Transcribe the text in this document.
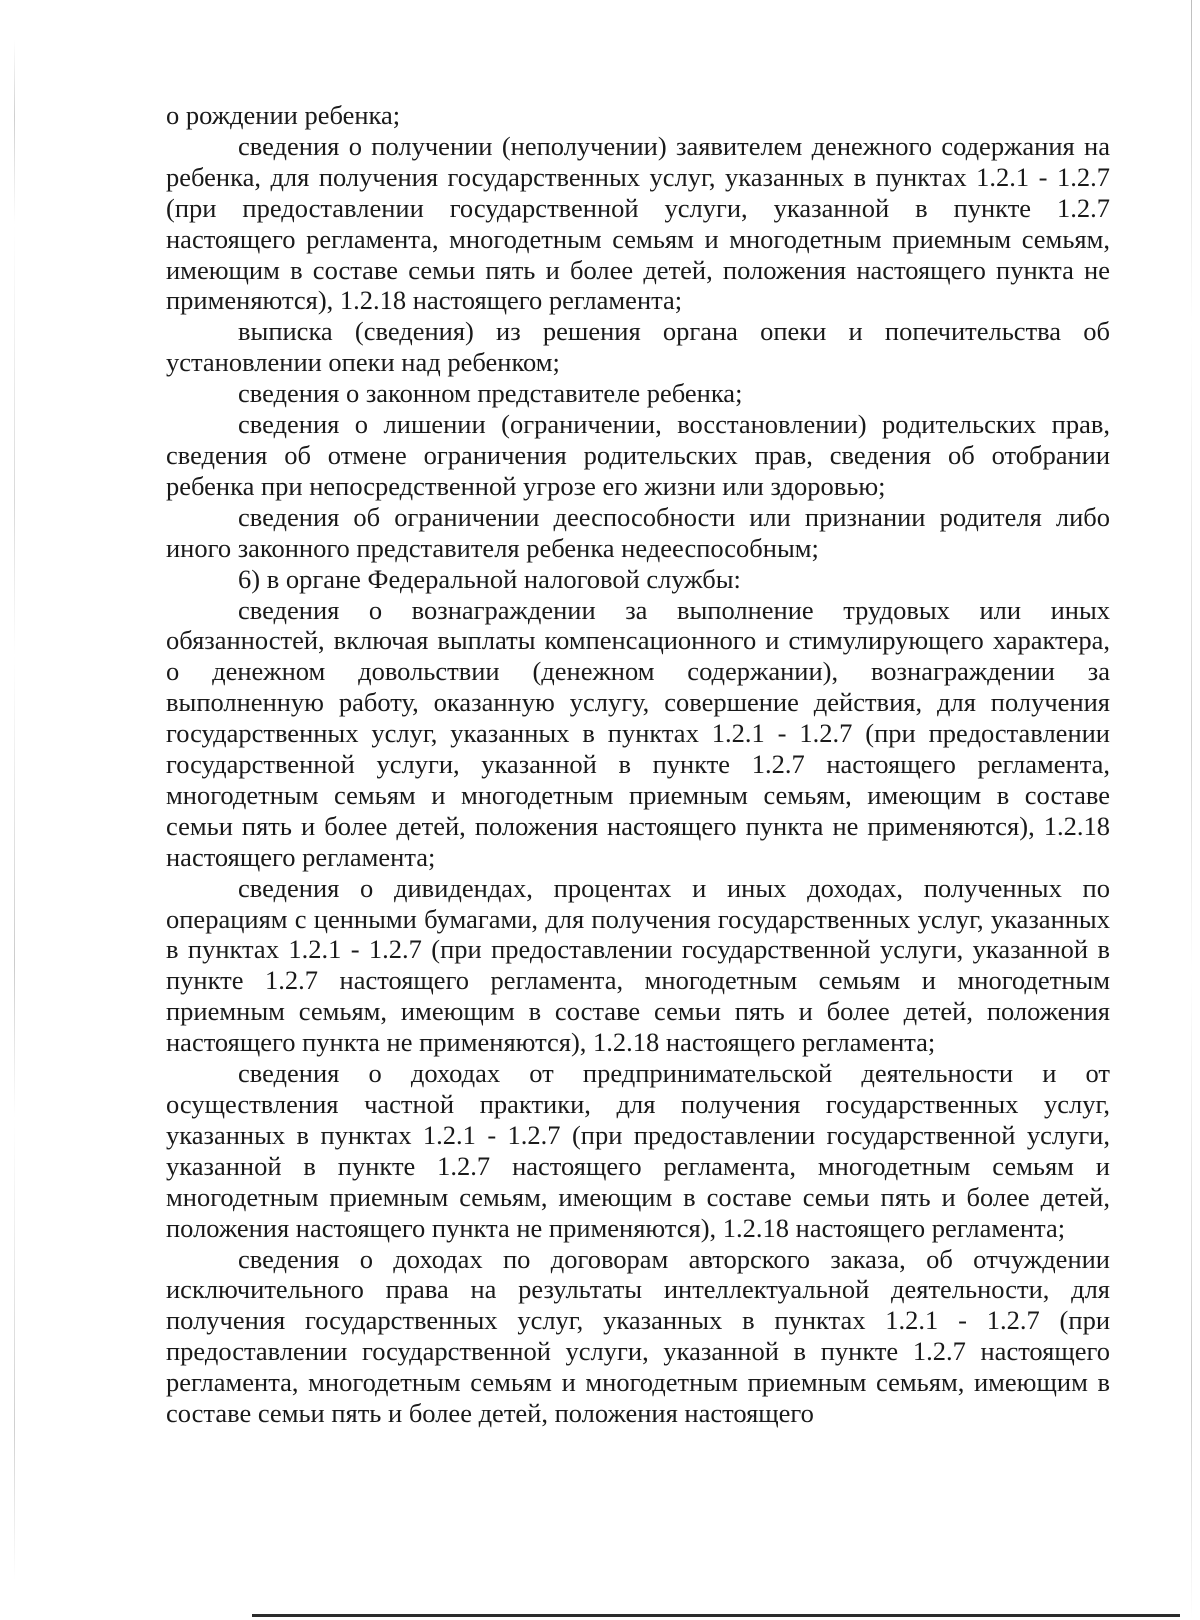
о рождении ребенка;

сведения о получении (неполучении) заявителем денежного содержания на ребенка, для получения государственных услуг, указанных в пунктах 1.2.1 - 1.2.7 (при предоставлении государственной услуги, указанной в пункте 1.2.7 настоящего регламента, многодетным семьям и многодетным приемным семьям, имеющим в составе семьи пять и более детей, положения настоящего пункта не применяются), 1.2.18 настоящего регламента;

выписка (сведения) из решения органа опеки и попечительства об установлении опеки над ребенком;

сведения о законном представителе ребенка;

сведения о лишении (ограничении, восстановлении) родительских прав, сведения об отмене ограничения родительских прав, сведения об отобрании ребенка при непосредственной угрозе его жизни или здоровью;

сведения об ограничении дееспособности или признании родителя либо иного законного представителя ребенка недееспособным;

6) в органе Федеральной налоговой службы:

сведения о вознаграждении за выполнение трудовых или иных обязанностей, включая выплаты компенсационного и стимулирующего характера, о денежном довольствии (денежном содержании), вознаграждении за выполненную работу, оказанную услугу, совершение действия, для получения государственных услуг, указанных в пунктах 1.2.1 - 1.2.7 (при предоставлении государственной услуги, указанной в пункте 1.2.7 настоящего регламента, многодетным семьям и многодетным приемным семьям, имеющим в составе семьи пять и более детей, положения настоящего пункта не применяются), 1.2.18 настоящего регламента;

сведения о дивидендах, процентах и иных доходах, полученных по операциям с ценными бумагами, для получения государственных услуг, указанных в пунктах 1.2.1 - 1.2.7 (при предоставлении государственной услуги, указанной в пункте 1.2.7 настоящего регламента, многодетным семьям и многодетным приемным семьям, имеющим в составе семьи пять и более детей, положения настоящего пункта не применяются), 1.2.18 настоящего регламента;

сведения о доходах от предпринимательской деятельности и от осуществления частной практики, для получения государственных услуг, указанных в пунктах 1.2.1 - 1.2.7 (при предоставлении государственной услуги, указанной в пункте 1.2.7 настоящего регламента, многодетным семьям и многодетным приемным семьям, имеющим в составе семьи пять и более детей, положения настоящего пункта не применяются), 1.2.18 настоящего регламента;

сведения о доходах по договорам авторского заказа, об отчуждении исключительного права на результаты интеллектуальной деятельности, для получения государственных услуг, указанных в пунктах 1.2.1 - 1.2.7 (при предоставлении государственной услуги, указанной в пункте 1.2.7 настоящего регламента, многодетным семьям и многодетным приемным семьям, имеющим в составе семьи пять и более детей, положения настоящего
